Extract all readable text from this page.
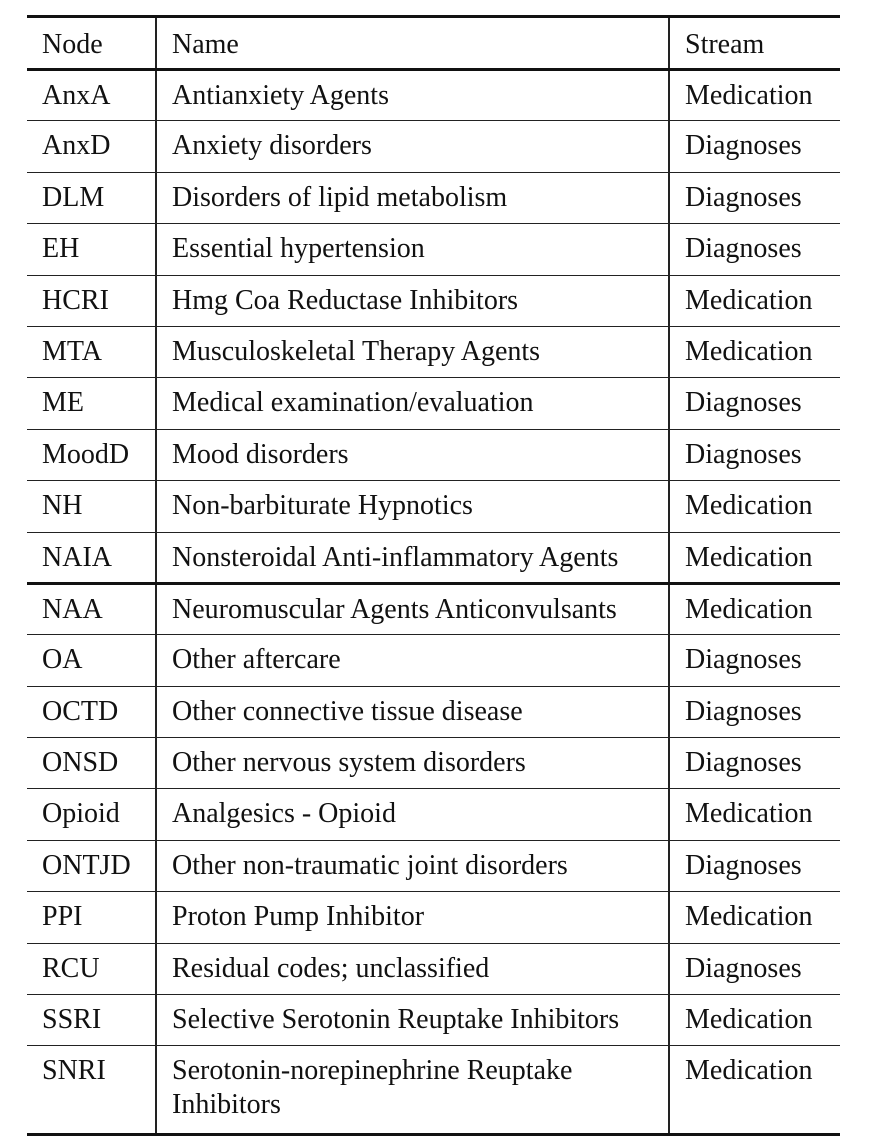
Node	Name	Stream
AnxA	Antianxiety Agents	Medication
AnxD	Anxiety disorders	Diagnoses
DLM	Disorders of lipid metabolism	Diagnoses
EH	Essential hypertension	Diagnoses
HCRI	Hmg Coa Reductase Inhibitors	Medication
MTA	Musculoskeletal Therapy Agents	Medication
ME	Medical examination/evaluation	Diagnoses
MoodD	Mood disorders	Diagnoses
NH	Non-barbiturate Hypnotics	Medication
NAIA	Nonsteroidal Anti-inflammatory Agents	Medication
NAA	Neuromuscular Agents Anticonvulsants	Medication
OA	Other aftercare	Diagnoses
OCTD	Other connective tissue disease	Diagnoses
ONSD	Other nervous system disorders	Diagnoses
Opioid	Analgesics - Opioid	Medication
ONTJD	Other non-traumatic joint disorders	Diagnoses
PPI	Proton Pump Inhibitor	Medication
RCU	Residual codes; unclassified	Diagnoses
SSRI	Selective Serotonin Reuptake Inhibitors	Medication
SNRI	Serotonin-norepinephrine Reuptake Inhibitors	Medication
